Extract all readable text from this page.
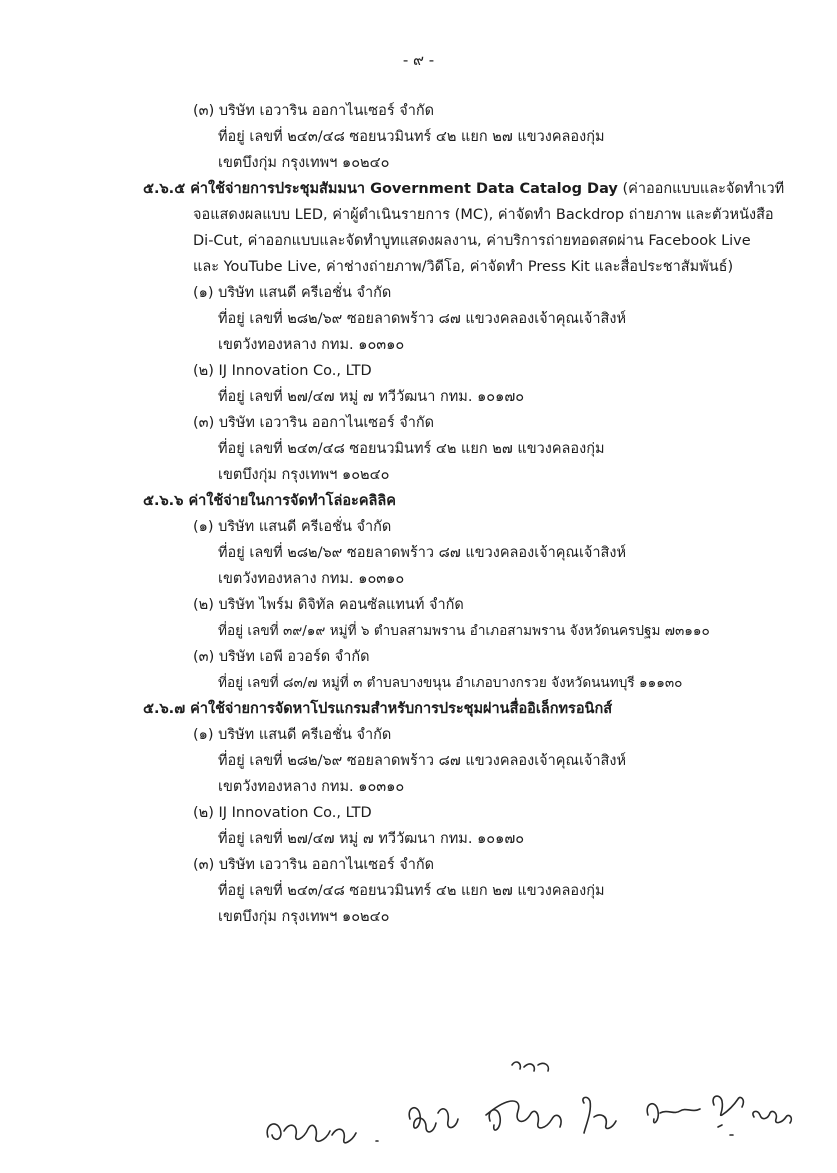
- ๙ -
(๓) บริษัท เอวาริน ออกาไนเซอร์ จำกัด
ที่อยู่ เลขที่ ๒๔๓/๔๘ ซอยนวมินทร์ ๔๒ แยก ๒๗ แขวงคลองกุ่ม
เขตบึงกุ่ม กรุงเทพฯ ๑๐๒๔๐
๕.๖.๕ ค่าใช้จ่ายการประชุมสัมมนา Government Data Catalog Day (ค่าออกแบบและจัดทำเวที
จอแสดงผลแบบ LED, ค่าผู้ดำเนินรายการ (MC), ค่าจัดทำ Backdrop ถ่ายภาพ และตัวหนังสือ
Di-Cut, ค่าออกแบบและจัดทำบูทแสดงผลงาน, ค่าบริการถ่ายทอดสดผ่าน Facebook Live
และ YouTube Live, ค่าช่างถ่ายภาพ/วิดีโอ, ค่าจัดทำ Press Kit และสื่อประชาสัมพันธ์)
(๑) บริษัท แสนดี ครีเอชั่น จำกัด
ที่อยู่ เลขที่ ๒๘๒/๖๙ ซอยลาดพร้าว ๘๗ แขวงคลองเจ้าคุณเจ้าสิงห์
เขตวังทองหลาง กทม. ๑๐๓๑๐
(๒) IJ Innovation Co., LTD
ที่อยู่ เลขที่ ๒๗/๔๗ หมู่ ๗ ทวีวัฒนา กทม. ๑๐๑๗๐
(๓) บริษัท เอวาริน ออกาไนเซอร์ จำกัด
ที่อยู่ เลขที่ ๒๔๓/๔๘ ซอยนวมินทร์ ๔๒ แยก ๒๗ แขวงคลองกุ่ม
เขตบึงกุ่ม กรุงเทพฯ ๑๐๒๔๐
๕.๖.๖ ค่าใช้จ่ายในการจัดทำโล่อะคลิลิค
(๑) บริษัท แสนดี ครีเอชั่น จำกัด
ที่อยู่ เลขที่ ๒๘๒/๖๙ ซอยลาดพร้าว ๘๗ แขวงคลองเจ้าคุณเจ้าสิงห์
เขตวังทองหลาง กทม. ๑๐๓๑๐
(๒) บริษัท ไพร์ม ดิจิทัล คอนซัลแทนท์ จำกัด
ที่อยู่ เลขที่ ๓๙/๑๙ หมู่ที่ ๖ ตำบลสามพราน อำเภอสามพราน จังหวัดนครปฐม ๗๓๑๑๐
(๓) บริษัท เอพี อวอร์ด จำกัด
ที่อยู่ เลขที่ ๘๓/๗ หมู่ที่ ๓ ตำบลบางขนุน อำเภอบางกรวย จังหวัดนนทบุรี ๑๑๑๓๐
๕.๖.๗ ค่าใช้จ่ายการจัดหาโปรแกรมสำหรับการประชุมผ่านสื่ออิเล็กทรอนิกส์
(๑) บริษัท แสนดี ครีเอชั่น จำกัด
ที่อยู่ เลขที่ ๒๘๒/๖๙ ซอยลาดพร้าว ๘๗ แขวงคลองเจ้าคุณเจ้าสิงห์
เขตวังทองหลาง กทม. ๑๐๓๑๐
(๒) IJ Innovation Co., LTD
ที่อยู่ เลขที่ ๒๗/๔๗ หมู่ ๗ ทวีวัฒนา กทม. ๑๐๑๗๐
(๓) บริษัท เอวาริน ออกาไนเซอร์ จำกัด
ที่อยู่ เลขที่ ๒๔๓/๔๘ ซอยนวมินทร์ ๔๒ แยก ๒๗ แขวงคลองกุ่ม
เขตบึงกุ่ม กรุงเทพฯ ๑๐๒๔๐
